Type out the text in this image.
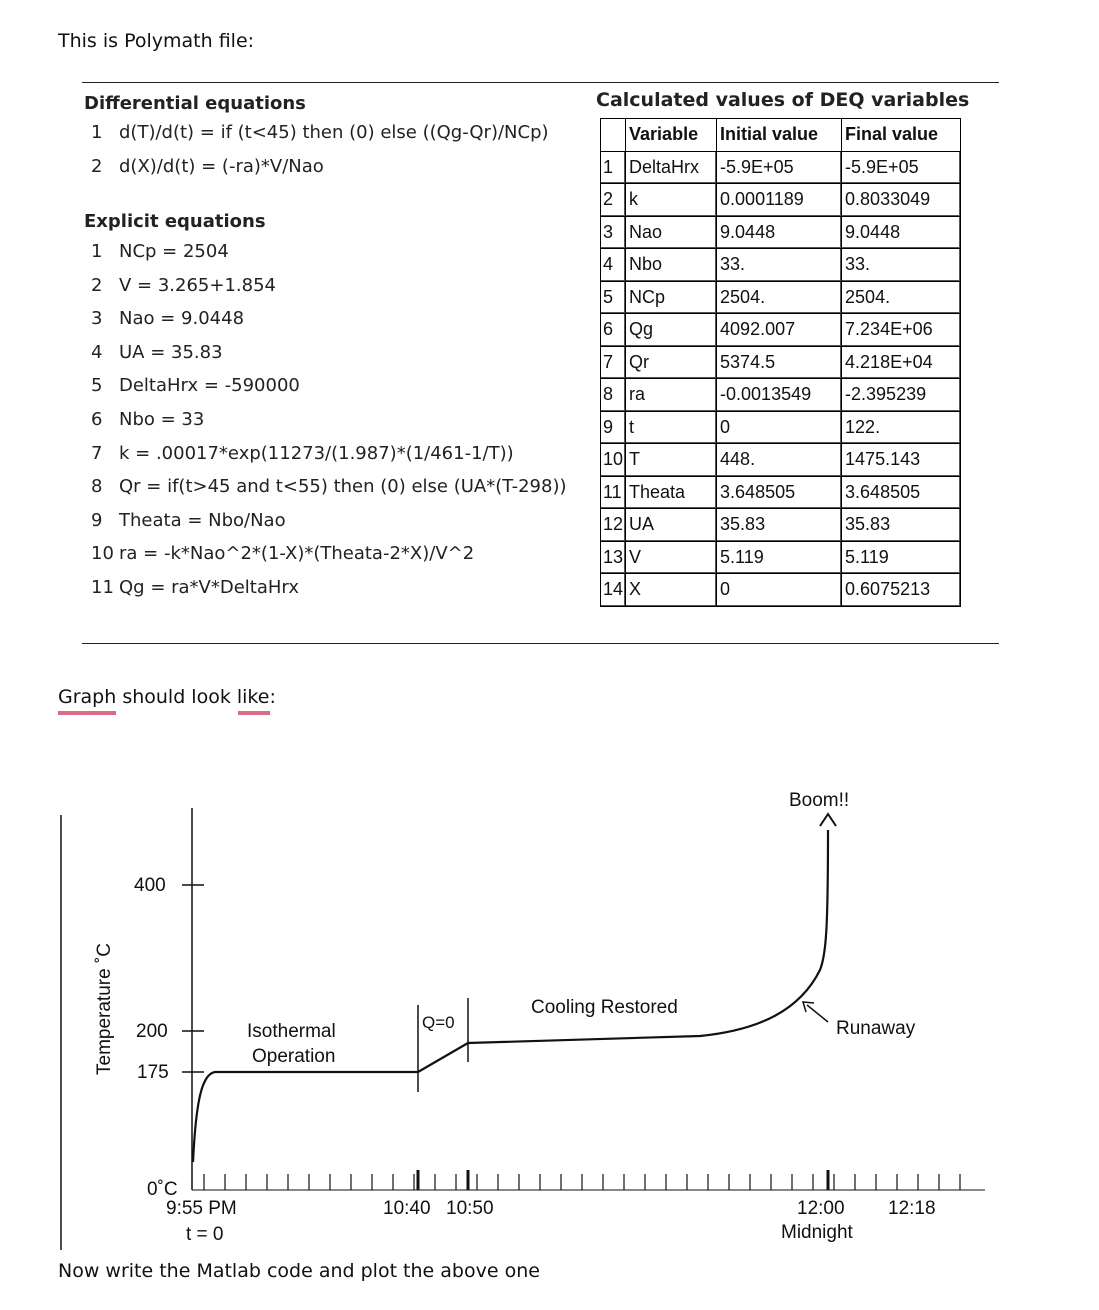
This is Polymath file:
Differential equations
1 d(T)/d(t) = if (t<45) then (0) else ((Qg-Qr)/NCp)
2 d(X)/d(t) = (-ra)*V/Nao
Explicit equations
1 NCp = 2504
2 V = 3.265+1.854
3 Nao = 9.0448
4 UA = 35.83
5 DeltaHrx = -590000
6 Nbo = 33
7 k = .00017*exp(11273/(1.987)*(1/461-1/T))
8 Qr = if(t>45 and t<55) then (0) else (UA*(T-298))
9 Theata = Nbo/Nao
10 ra = -k*Nao^2*(1-X)*(Theata-2*X)/V^2
11 Qg = ra*V*DeltaHrx
Calculated values of DEQ variables
	Variable	Initial value	Final value
1	DeltaHrx	-5.9E+05	-5.9E+05
2	k	0.0001189	0.8033049
3	Nao	9.0448	9.0448
4	Nbo	33.	33.
5	NCp	2504.	2504.
6	Qg	4092.007	7.234E+06
7	Qr	5374.5	4.218E+04
8	ra	-0.0013549	-2.395239
9	t	0	122.
10	T	448.	1475.143
11	Theata	3.648505	3.648505
12	UA	35.83	35.83
13	V	5.119	5.119
14	X	0	0.6075213
Graph should look like:
Temperature ˚C
400
200
175
0˚C
9:55 PM	10:40 10:50	12:00 12:18
t = 0	Midnight
Isothermal
Operation
Q=0
Cooling Restored
Boom!!
Runaway
Now write the Matlab code and plot the above one
